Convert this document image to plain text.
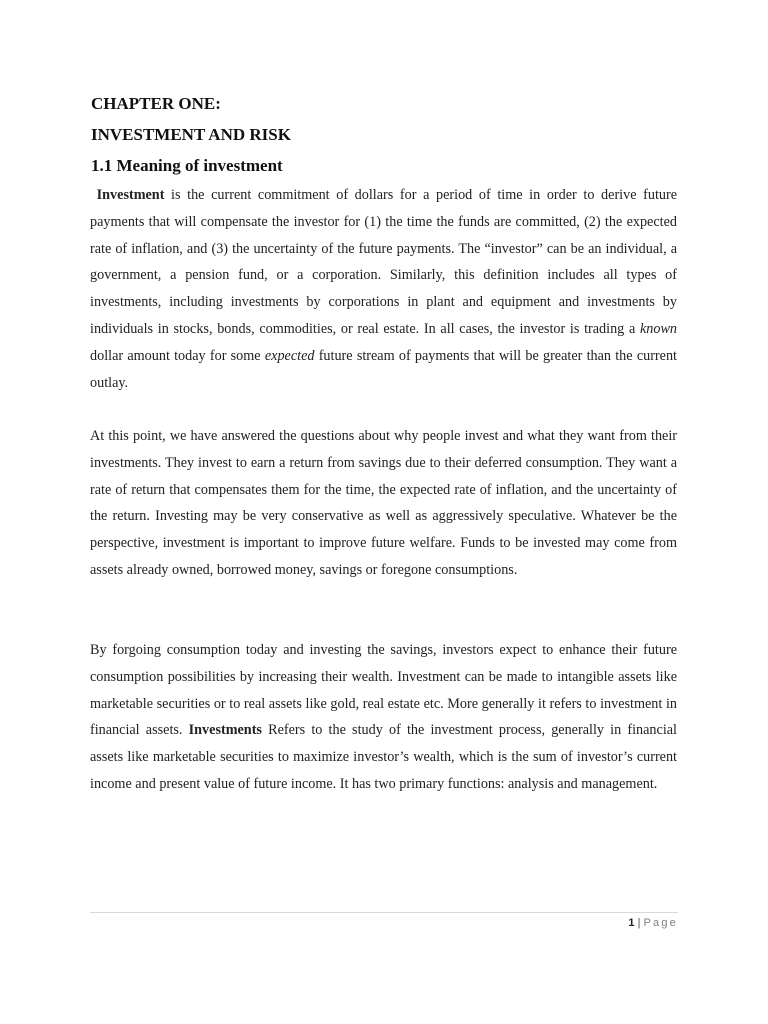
CHAPTER ONE:
INVESTMENT AND RISK
1.1 Meaning of investment

Investment is the current commitment of dollars for a period of time in order to derive future payments that will compensate the investor for (1) the time the funds are committed, (2) the expected rate of inflation, and (3) the uncertainty of the future payments. The “investor” can be an individual, a government, a pension fund, or a corporation. Similarly, this definition includes all types of investments, including investments by corporations in plant and equipment and investments by individuals in stocks, bonds, commodities, or real estate. In all cases, the investor is trading a known dollar amount today for some expected future stream of payments that will be greater than the current outlay.

At this point, we have answered the questions about why people invest and what they want from their investments. They invest to earn a return from savings due to their deferred consumption. They want a rate of return that compensates them for the time, the expected rate of inflation, and the uncertainty of the return. Investing may be very conservative as well as aggressively speculative. Whatever be the perspective, investment is important to improve future welfare. Funds to be invested may come from assets already owned, borrowed money, savings or foregone consumptions.

By forgoing consumption today and investing the savings, investors expect to enhance their future consumption possibilities by increasing their wealth. Investment can be made to intangible assets like marketable securities or to real assets like gold, real estate etc. More generally it refers to investment in financial assets. Investments Refers to the study of the investment process, generally in financial assets like marketable securities to maximize investor’s wealth, which is the sum of investor’s current income and present value of future income. It has two primary functions: analysis and management.

1 | Page
